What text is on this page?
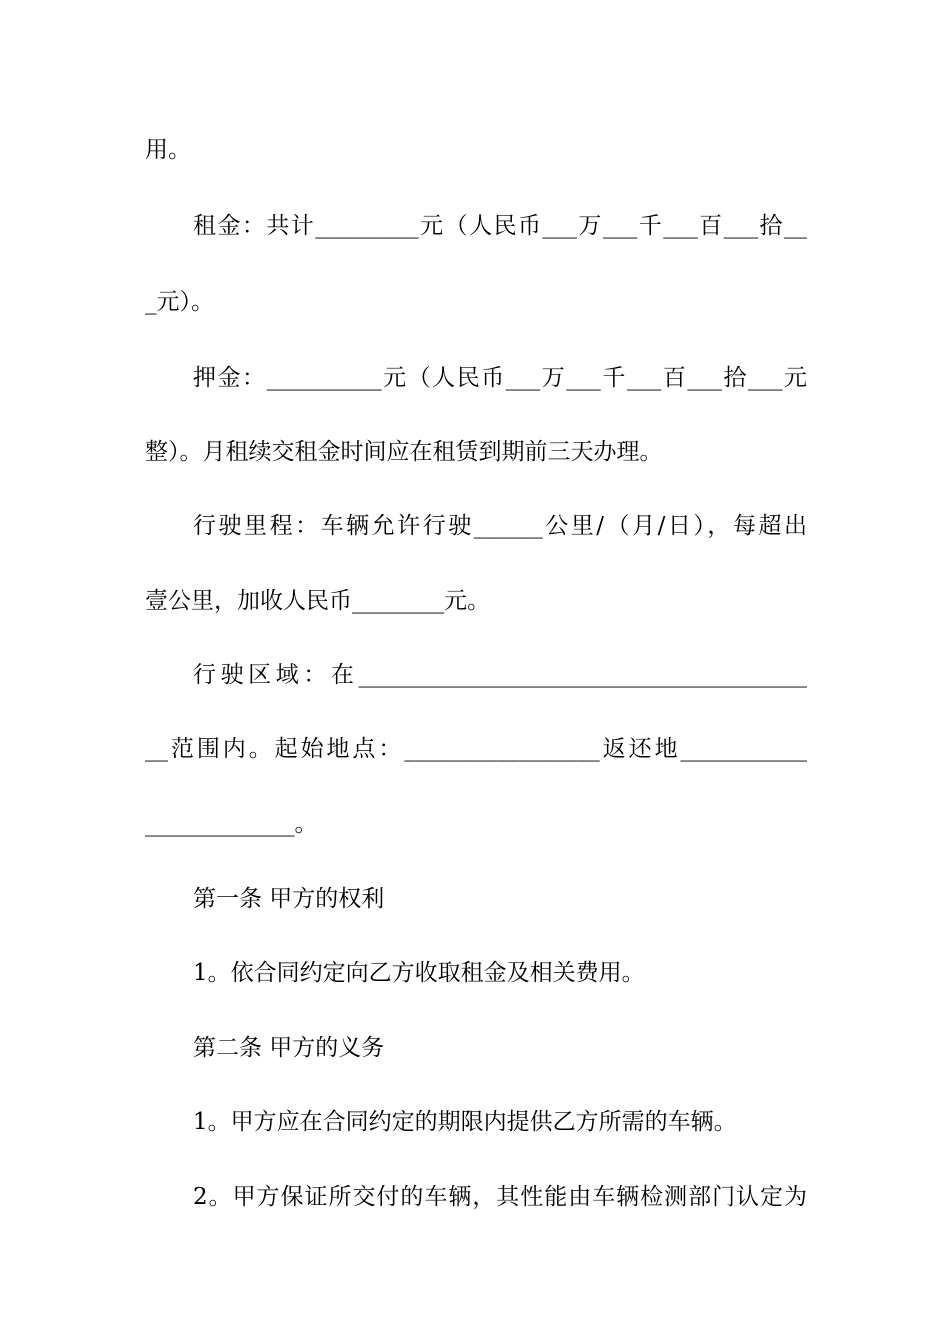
用。
租金：共计_________元（人民币___万___千___百___拾__
_元）。
押金：__________元（人民币___万___千___百___拾___元
整）。月租续交租金时间应在租赁到期前三天办理。
行驶里程：车辆允许行驶______公里/（月/日），每超出
壹公里，加收人民币________元。
行驶区域：在_______________________________________
__范围内。起始地点：_________________返还地___________
_____________。
第一条 甲方的权利
1。依合同约定向乙方收取租金及相关费用。
第二条 甲方的义务
1。甲方应在合同约定的期限内提供乙方所需的车辆。
2。甲方保证所交付的车辆，其性能由车辆检测部门认定为
